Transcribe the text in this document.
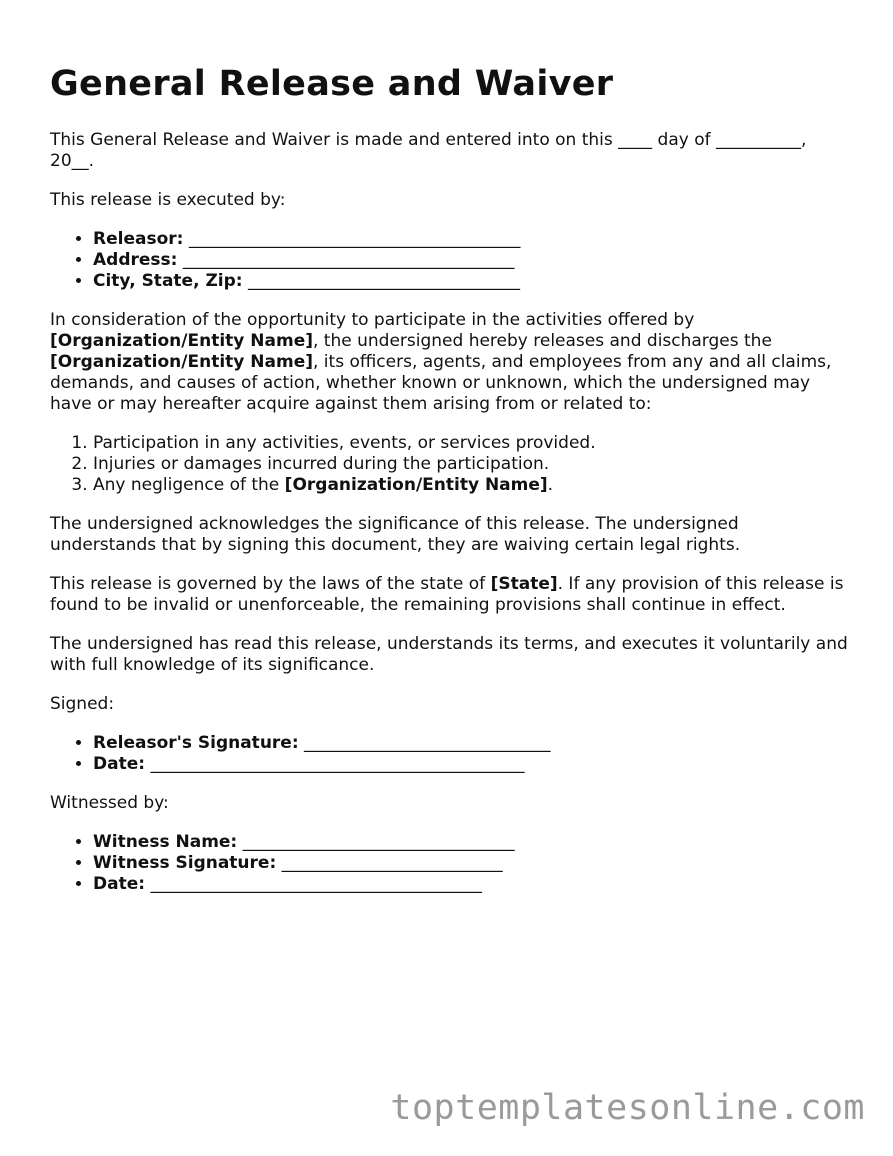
General Release and Waiver

This General Release and Waiver is made and entered into on this ____ day of __________, 20__.

This release is executed by:

• Releasor: _______________________________________
• Address: _______________________________________
• City, State, Zip: ________________________________

In consideration of the opportunity to participate in the activities offered by
[Organization/Entity Name], the undersigned hereby releases and discharges the
[Organization/Entity Name], its officers, agents, and employees from any and all claims, demands, and causes of action, whether known or unknown, which the undersigned may have or may hereafter acquire against them arising from or related to:

1. Participation in any activities, events, or services provided.
2. Injuries or damages incurred during the participation.
3. Any negligence of the [Organization/Entity Name].

The undersigned acknowledges the significance of this release. The undersigned understands that by signing this document, they are waiving certain legal rights.

This release is governed by the laws of the state of [State]. If any provision of this release is found to be invalid or unenforceable, the remaining provisions shall continue in effect.

The undersigned has read this release, understands its terms, and executes it voluntarily and with full knowledge of its significance.

Signed:

• Releasor's Signature: _____________________________
• Date: ____________________________________________

Witnessed by:

• Witness Name: ________________________________
• Witness Signature: __________________________
• Date: _______________________________________
toptemplatesonline.com
